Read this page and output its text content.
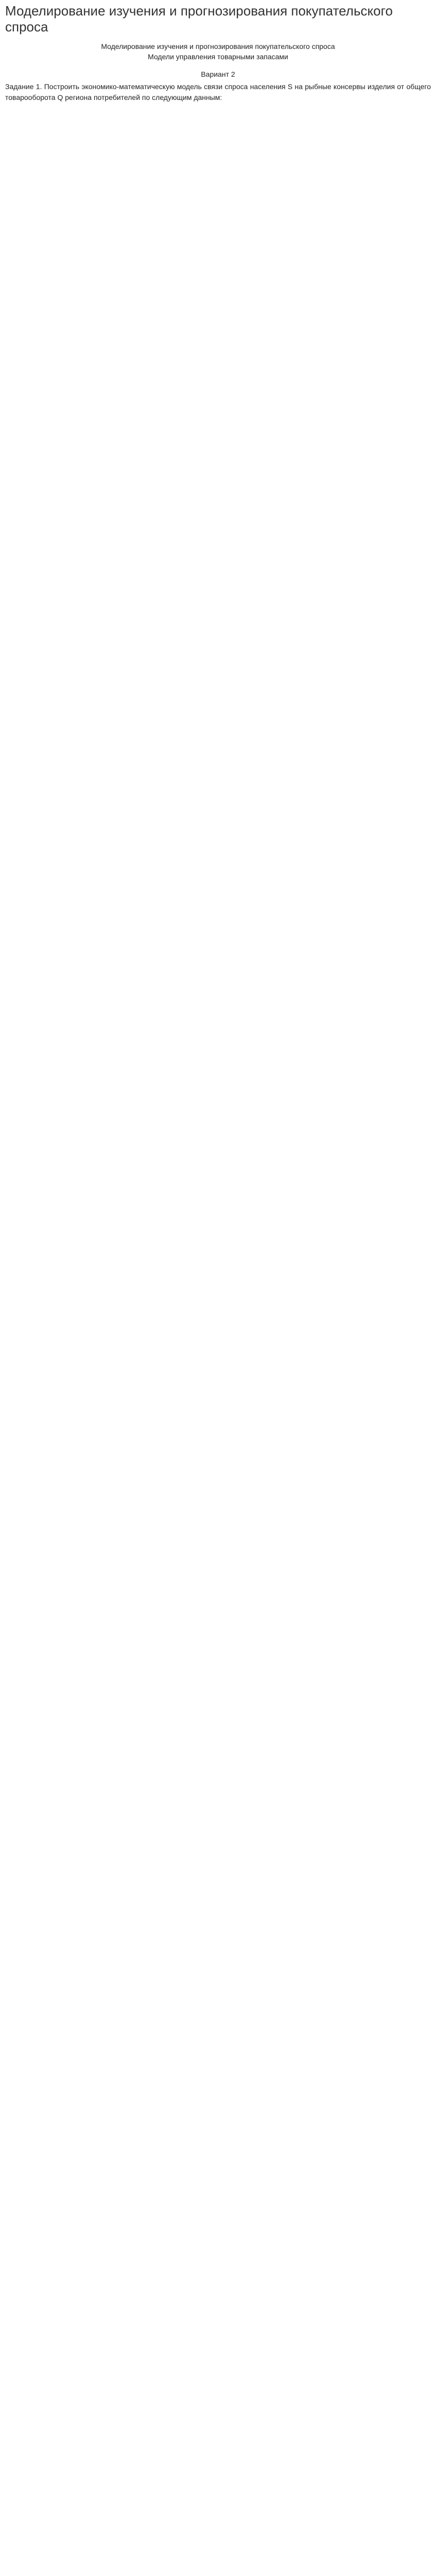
Моделирование изучения и прогнозирования покупательского спроса
Моделирование изучения и прогнозирования покупательского спроса
Модели управления товарными запасами
Вариант 2

Задание 1. Построить экономико-математическую модель связи спроса населения S на рыбные консервы изделия от общего товарооборота Q региона потребителей по следующим данным:
